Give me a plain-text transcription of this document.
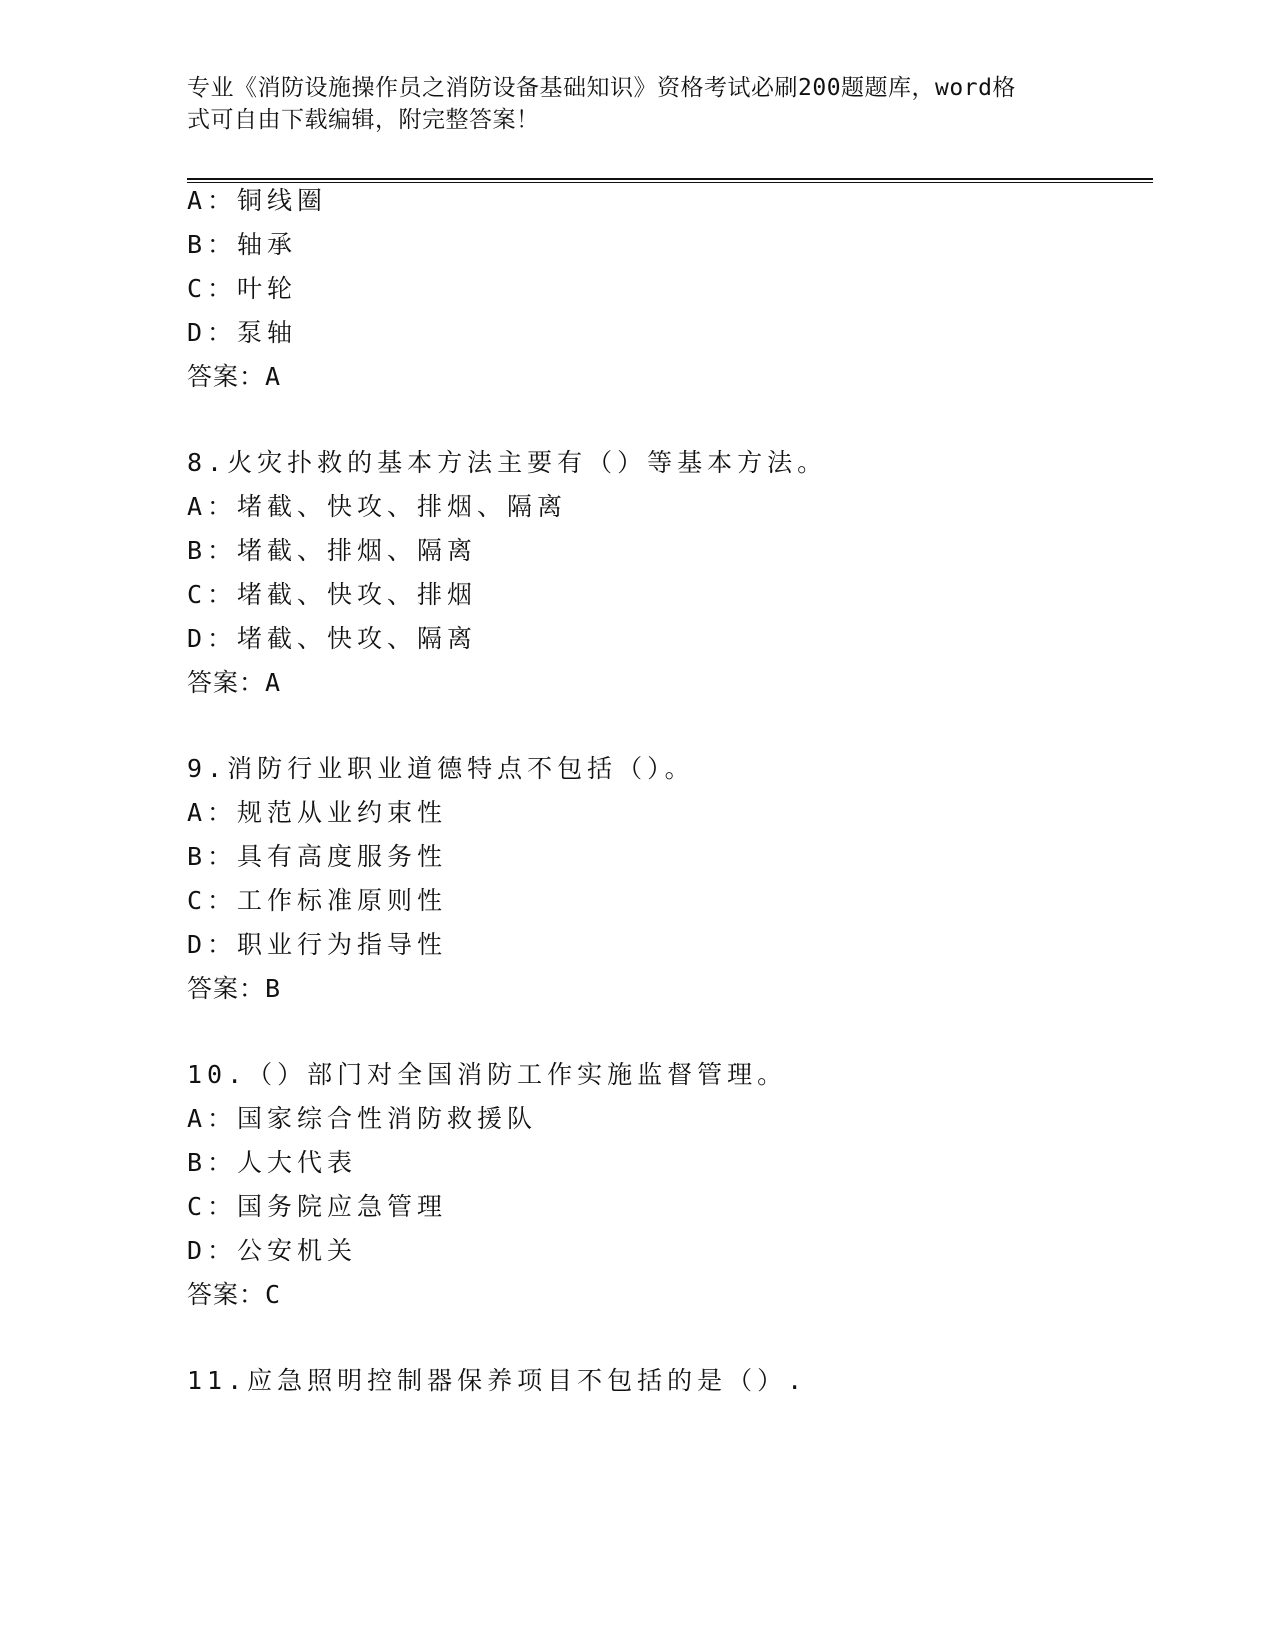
专业《消防设施操作员之消防设备基础知识》资格考试必刷200题题库，word格
式可自由下载编辑，附完整答案！
A：铜线圈
B：轴承
C：叶轮
D：泵轴
答案：A
8.火灾扑救的基本方法主要有（）等基本方法。
A：堵截、快攻、排烟、隔离
B：堵截、排烟、隔离
C：堵截、快攻、排烟
D：堵截、快攻、隔离
答案：A
9.消防行业职业道德特点不包括（）。
A：规范从业约束性
B：具有高度服务性
C：工作标准原则性
D：职业行为指导性
答案：B
10.（）部门对全国消防工作实施监督管理。
A：国家综合性消防救援队
B：人大代表
C：国务院应急管理
D：公安机关
答案：C
11.应急照明控制器保养项目不包括的是（）.
